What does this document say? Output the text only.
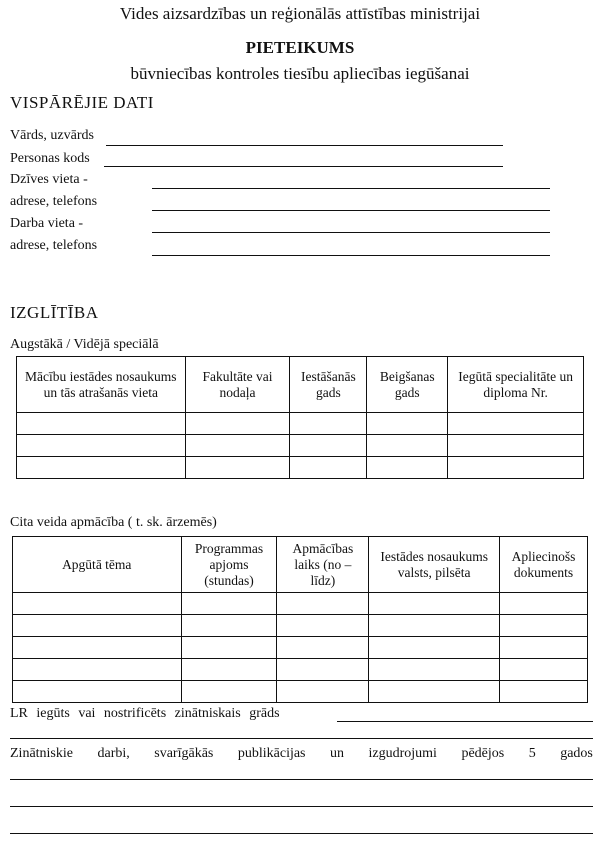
Vides aizsardzības un reģionālās attīstības ministrijai
PIETEIKUMS
būvniecības kontroles tiesību apliecības iegūšanai
VISPĀRĒJIE DATI
Vārds, uzvārds
Personas kods
Dzīves vieta -
adrese, telefons
Darba vieta -
adrese, telefons
IZGLĪTĪBA
Augstākā / Vidējā speciālā
Mācību iestādes nosaukums un tās atrašanās vieta	Fakultāte vai nodaļa	Iestāšanās gads	Beigšanas gads	Iegūtā specialitāte un diploma Nr.

Cita veida apmācība ( t. sk. ārzemēs)
Apgūtā tēma	Programmas apjoms (stundas)	Apmācības laiks (no – līdz)	Iestādes nosaukums valsts, pilsēta	Apliecinošs dokuments

LR iegūts vai nostrificēts zinātniskais grāds
Zinātniskie darbi, svarīgākās publikācijas un izgudrojumi pēdējos 5 gados
